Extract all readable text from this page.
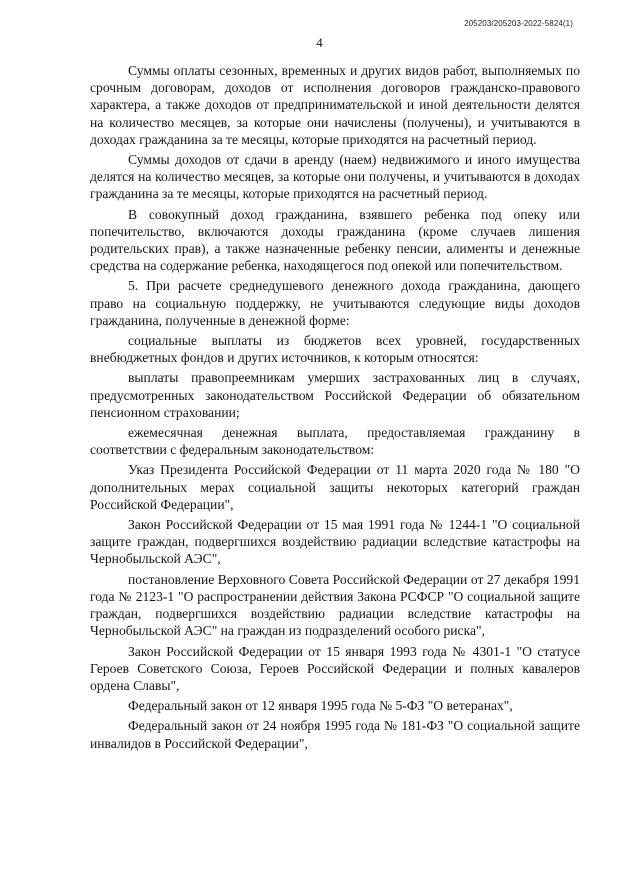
205203/205203-2022-5824(1)
4

Суммы оплаты сезонных, временных и других видов работ, выполняемых по срочным договорам, доходов от исполнения договоров гражданско-правового характера, а также доходов от предпринимательской и иной деятельности делятся на количество месяцев, за которые они начислены (получены), и учитываются в доходах гражданина за те месяцы, которые приходятся на расчетный период.

Суммы доходов от сдачи в аренду (наем) недвижимого и иного имущества делятся на количество месяцев, за которые они получены, и учитываются в доходах гражданина за те месяцы, которые приходятся на расчетный период.

В совокупный доход гражданина, взявшего ребенка под опеку или попечительство, включаются доходы гражданина (кроме случаев лишения родительских прав), а также назначенные ребенку пенсии, алименты и денежные средства на содержание ребенка, находящегося под опекой или попечительством.

5. При расчете среднедушевого денежного дохода гражданина, дающего право на социальную поддержку, не учитываются следующие виды доходов гражданина, полученные в денежной форме:

социальные выплаты из бюджетов всех уровней, государственных внебюджетных фондов и других источников, к которым относятся:

выплаты правопреемникам умерших застрахованных лиц в случаях, предусмотренных законодательством Российской Федерации об обязательном пенсионном страховании;

ежемесячная денежная выплата, предоставляемая гражданину в соответствии с федеральным законодательством:

Указ Президента Российской Федерации от 11 марта 2020 года № 180 "О дополнительных мерах социальной защиты некоторых категорий граждан Российской Федерации",

Закон Российской Федерации от 15 мая 1991 года № 1244-1 "О социальной защите граждан, подвергшихся воздействию радиации вследствие катастрофы на Чернобыльской АЭС",

постановление Верховного Совета Российской Федерации от 27 декабря 1991 года № 2123-1 "О распространении действия Закона РСФСР "О социальной защите граждан, подвергшихся воздействию радиации вследствие катастрофы на Чернобыльской АЭС" на граждан из подразделений особого риска",

Закон Российской Федерации от 15 января 1993 года № 4301-1 "О статусе Героев Советского Союза, Героев Российской Федерации и полных кавалеров ордена Славы",

Федеральный закон от 12 января 1995 года № 5-ФЗ "О ветеранах",

Федеральный закон от 24 ноября 1995 года № 181-ФЗ "О социальной защите инвалидов в Российской Федерации",
